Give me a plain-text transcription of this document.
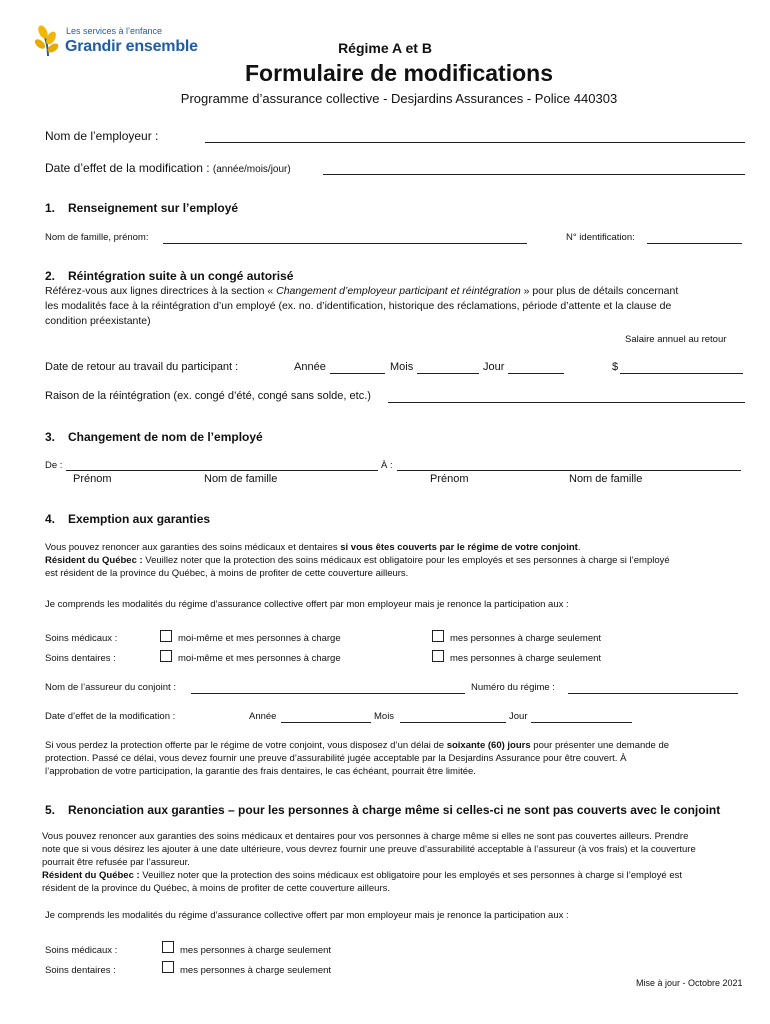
Les services à l’enfance
Grandir ensemble	Régime A et B
Formulaire de modifications
Programme d’assurance collective - Desjardins Assurances - Police 440303
Nom de l’employeur :
Date d’effet de la modification : (année/mois/jour)
1. Renseignement sur l’employé
Nom de famille, prénom:	N° identification:
2. Réintégration suite à un congé autorisé
Référez-vous aux lignes directrices à la section « Changement d’employeur participant et réintégration » pour plus de détails concernant
les modalités face à la réintégration d’un employé (ex. no. d’identification, historique des réclamations, période d’attente et la clause de
condition préexistante)
Salaire annuel au retour
Date de retour au travail du participant :	Année	Mois	Jour	$
Raison de la réintégration (ex. congé d’été, congé sans solde, etc.)
3. Changement de nom de l’employé
De :	À :
Prénom	Nom de famille	Prénom	Nom de famille
4. Exemption aux garanties
Vous pouvez renoncer aux garanties des soins médicaux et dentaires si vous êtes couverts par le régime de votre conjoint.
Résident du Québec : Veuillez noter que la protection des soins médicaux est obligatoire pour les employés et ses personnes à charge si l’employé
est résident de la province du Québec, à moins de profiter de cette couverture ailleurs.
Je comprends les modalités du régime d’assurance collective offert par mon employeur mais je renonce la participation aux :
Soins médicaux :	moi-même et mes personnes à charge	mes personnes à charge seulement
Soins dentaires :	moi-même et mes personnes à charge	mes personnes à charge seulement
Nom de l’assureur du conjoint :	Numéro du régime :
Date d’effet de la modification :	Année	Mois	Jour
Si vous perdez la protection offerte par le régime de votre conjoint, vous disposez d’un délai de soixante (60) jours pour présenter une demande de
protection. Passé ce délai, vous devez fournir une preuve d’assurabilité jugée acceptable par la Desjardins Assurance pour être couvert. À
l’approbation de votre participation, la garantie des frais dentaires, le cas échéant, pourrait être limitée.
5. Renonciation aux garanties – pour les personnes à charge même si celles-ci ne sont pas couverts avec le conjoint
Vous pouvez renoncer aux garanties des soins médicaux et dentaires pour vos personnes à charge même si elles ne sont pas couvertes ailleurs. Prendre
note que si vous désirez les ajouter à une date ultérieure, vous devrez fournir une preuve d’assurabilité acceptable à l’assureur (à vos frais) et la couverture
pourrait être refusée par l’assureur.
Résident du Québec : Veuillez noter que la protection des soins médicaux est obligatoire pour les employés et ses personnes à charge si l’employé est
résident de la province du Québec, à moins de profiter de cette couverture ailleurs.
Je comprends les modalités du régime d’assurance collective offert par mon employeur mais je renonce la participation aux :
Soins médicaux :	mes personnes à charge seulement
Soins dentaires :	mes personnes à charge seulement
Mise à jour - Octobre 2021
